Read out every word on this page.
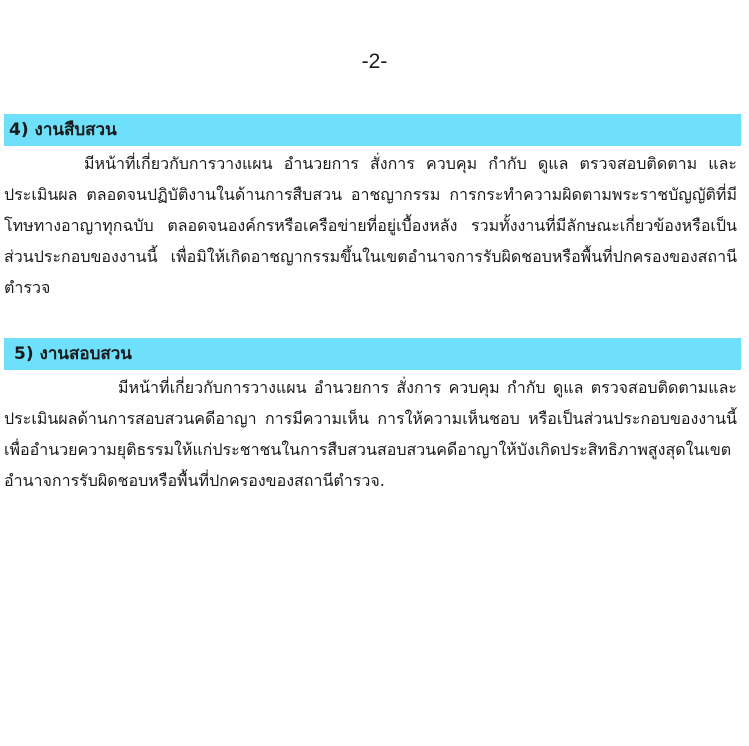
-2-
4) งานสืบสวน
มีหน้าที่เกี่ยวกับการวางแผน อำนวยการ สั่งการ ควบคุม กำกับ ดูแล ตรวจสอบติดตาม และประเมินผล ตลอดจนปฏิบัติงานในด้านการสืบสวน อาชญากรรม การกระทำความผิดตามพระราชบัญญัติที่มีโทษทางอาญาทุกฉบับ ตลอดจนองค์กรหรือเครือข่ายที่อยู่เบื้องหลัง รวมทั้งงานที่มีลักษณะเกี่ยวข้องหรือเป็นส่วนประกอบของงานนี้ เพื่อมิให้เกิดอาชญากรรมขึ้นในเขตอำนาจการรับผิดชอบหรือพื้นที่ปกครองของสถานีตำรวจ
5) งานสอบสวน
มีหน้าที่เกี่ยวกับการวางแผน อำนวยการ สั่งการ ควบคุม กำกับ ดูแล ตรวจสอบติดตามและประเมินผลด้านการสอบสวนคดีอาญา การมีความเห็น การให้ความเห็นชอบ หรือเป็นส่วนประกอบของงานนี้ เพื่ออำนวยความยุติธรรมให้แก่ประชาชนในการสืบสวนสอบสวนคดีอาญาให้บังเกิดประสิทธิภาพสูงสุดในเขตอำนาจการรับผิดชอบหรือพื้นที่ปกครองของสถานีตำรวจ.
